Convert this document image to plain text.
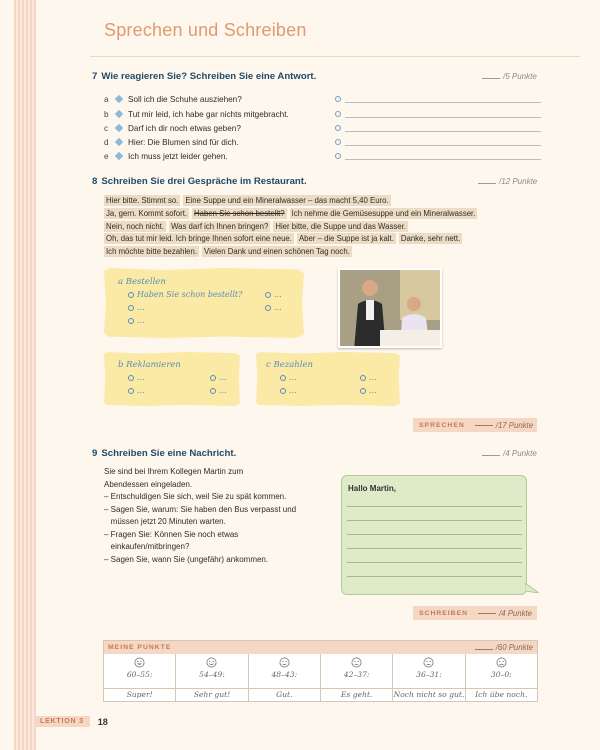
Sprechen und Schreiben
7 Wie reagieren Sie? Schreiben Sie eine Antwort.	/5 Punkte
a	Soll ich die Schuhe ausziehen?
b	Tut mir leid, ich habe gar nichts mitgebracht.
c	Darf ich dir noch etwas geben?
d	Hier: Die Blumen sind für dich.
e	Ich muss jetzt leider gehen.
8 Schreiben Sie drei Gespräche im Restaurant.	/12 Punkte
Hier bitte. Stimmt so. Eine Suppe und ein Mineralwasser – das macht 5,40 Euro.
Ja, gern. Kommt sofort. Haben Sie schon bestellt? Ich nehme die Gemüsesuppe und ein Mineralwasser.
Nein, noch nicht. Was darf ich Ihnen bringen? Hier bitte, die Suppe und das Wasser.
Oh, das tut mir leid. Ich bringe Ihnen sofort eine neue. Aber – die Suppe ist ja kalt. Danke, sehr nett.
Ich möchte bitte bezahlen. Vielen Dank und einen schönen Tag noch.
a Bestellen
Haben Sie schon bestellt?	...
...	...
...
b Reklamieren
...	...
...	...
c Bezahlen
...	...
...	...
SPRECHEN	/17 Punkte
9 Schreiben Sie eine Nachricht.	/4 Punkte
Sie sind bei Ihrem Kollegen Martin zum
Abendessen eingeladen.
– Entschuldigen Sie sich, weil Sie zu spät kommen.
– Sagen Sie, warum: Sie haben den Bus verpasst und
müssen jetzt 20 Minuten warten.
– Fragen Sie: Können Sie noch etwas
einkaufen/mitbringen?
– Sagen Sie, wann Sie (ungefähr) ankommen.
Hallo Martin,
SCHREIBEN	/4 Punkte
MEINE PUNKTE	/60 Punkte
60–55:	54–49:	48–43:	42–37:	36–31:	30–0:
Super!	Sehr gut!	Gut.	Es geht.	Noch nicht so gut.	Ich übe noch.
LEKTION 3	18
